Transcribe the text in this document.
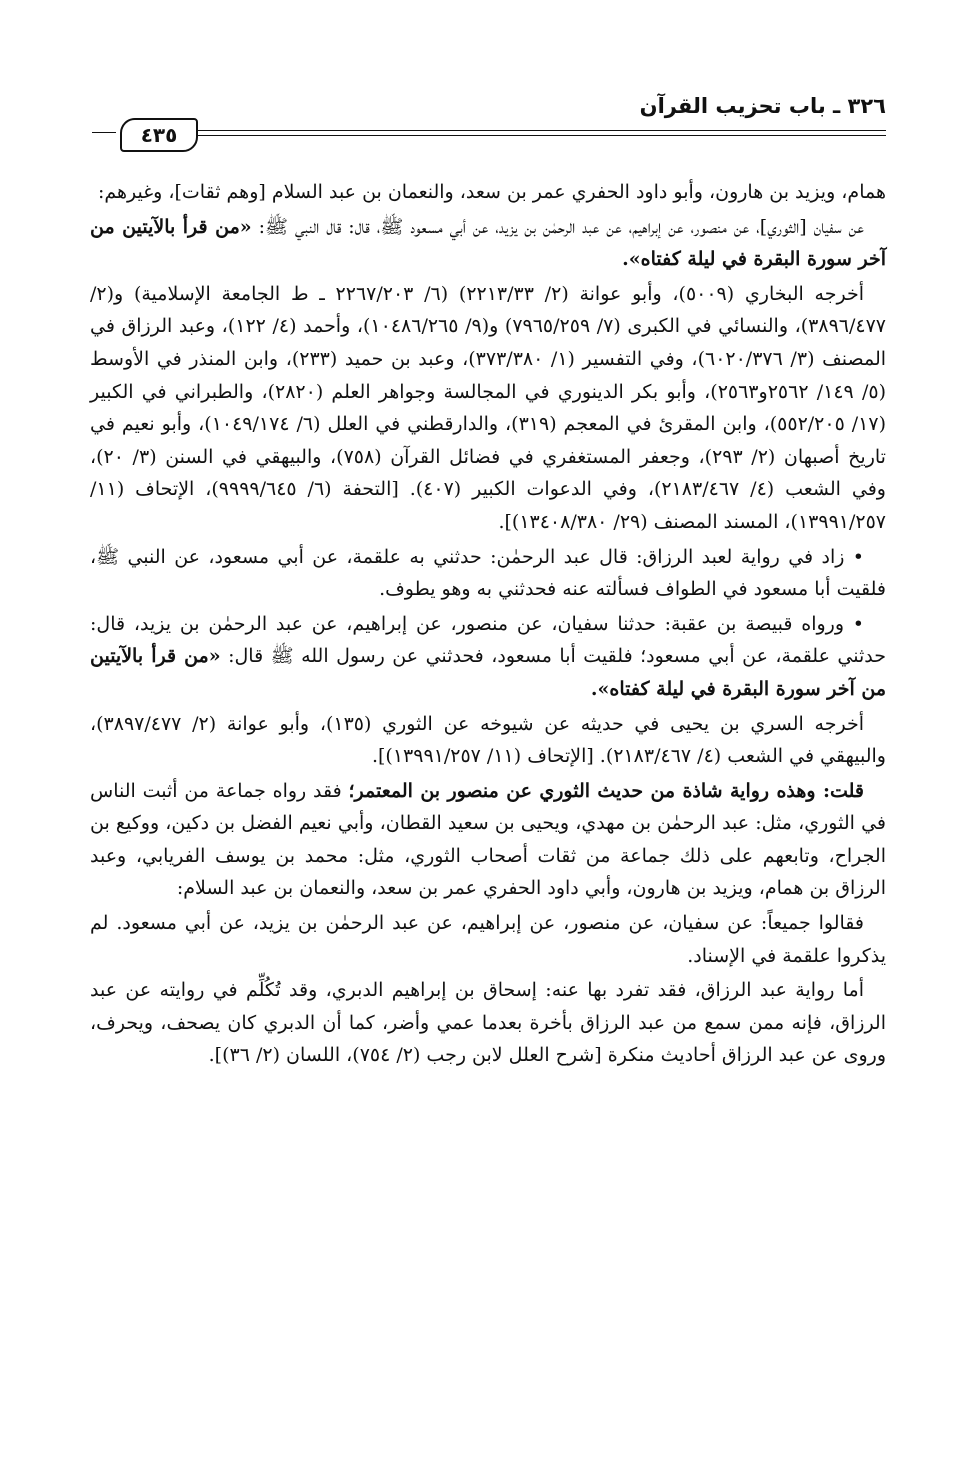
٣٢٦ ـ باب تحزيب القرآن
٤٣٥

همام، ويزيد بن هارون، وأبو داود الحفري عمر بن سعد، والنعمان بن عبد السلام [وهم ثقات]، وغيرهم:

عن سفيان [الثوري]، عن منصور، عن إبراهيم، عن عبد الرحمٰن بن يزيد، عن أبي مسعود ﷺ، قال: قال النبي ﷺ: «من قرأ بالآيتين من آخر سورة البقرة في ليلة كفتاه».

أخرجه البخاري (٥٠٠٩)، وأبو عوانة (٢/ ٢٢١٣/٣٣) (٦/ ٢٢٦٧/٢٠٣ ـ ط الجامعة الإسلامية) و(٢/ ٣٨٩٦/٤٧٧)، والنسائي في الكبرى (٧/ ٧٩٦٥/٢٥٩) و(٩/ ١٠٤٨٦/٢٦٥)، وأحمد (٤/ ١٢٢)، وعبد الرزاق في المصنف (٣/ ٦٠٢٠/٣٧٦)، وفي التفسير (١/ ٣٧٣/٣٨٠)، وعبد بن حميد (٢٣٣)، وابن المنذر في الأوسط (٥/ ١٤٩/ ٢٥٦٢و٢٥٦٣)، وأبو بكر الدينوري في المجالسة وجواهر العلم (٢٨٢٠)، والطبراني في الكبير (١٧/ ٥٥٢/٢٠٥)، وابن المقرئ في المعجم (٣١٩)، والدارقطني في العلل (٦/ ١٠٤٩/١٧٤)، وأبو نعيم في تاريخ أصبهان (٢/ ٢٩٣)، وجعفر المستغفري في فضائل القرآن (٧٥٨)، والبيهقي في السنن (٣/ ٢٠)، وفي الشعب (٤/ ٢١٨٣/٤٦٧)، وفي الدعوات الكبير (٤٠٧). [التحفة (٦/ ٩٩٩٩/٦٤٥)، الإتحاف (١١/ ١٣٩٩١/٢٥٧)، المسند المصنف (٢٩/ ١٣٤٠٨/٣٨٠)].

• زاد في رواية لعبد الرزاق: قال عبد الرحمٰن: حدثني به علقمة، عن أبي مسعود، عن النبي ﷺ، فلقيت أبا مسعود في الطواف فسألته عنه فحدثني به وهو يطوف.

• ورواه قبيصة بن عقبة: حدثنا سفيان، عن منصور، عن إبراهيم، عن عبد الرحمٰن بن يزيد، قال: حدثني علقمة، عن أبي مسعود؛ فلقيت أبا مسعود، فحدثني عن رسول الله ﷺ قال: «من قرأ بالآيتين من آخر سورة البقرة في ليلة كفتاه».

أخرجه السري بن يحيى في حديثه عن شيوخه عن الثوري (١٣٥)، وأبو عوانة (٢/ ٣٨٩٧/٤٧٧)، والبيهقي في الشعب (٤/ ٢١٨٣/٤٦٧). [الإتحاف (١١/ ١٣٩٩١/٢٥٧)].

قلت: وهذه رواية شاذة من حديث الثوري عن منصور بن المعتمر؛ فقد رواه جماعة من أثبت الناس في الثوري، مثل: عبد الرحمٰن بن مهدي، ويحيى بن سعيد القطان، وأبي نعيم الفضل بن دكين، ووكيع بن الجراح، وتابعهم على ذلك جماعة من ثقات أصحاب الثوري، مثل: محمد بن يوسف الفريابي، وعبد الرزاق بن همام، ويزيد بن هارون، وأبي داود الحفري عمر بن سعد، والنعمان بن عبد السلام:

فقالوا جميعاً: عن سفيان، عن منصور، عن إبراهيم، عن عبد الرحمٰن بن يزيد، عن أبي مسعود. لم يذكروا علقمة في الإسناد.

أما رواية عبد الرزاق، فقد تفرد بها عنه: إسحاق بن إبراهيم الدبري، وقد تُكُلِّم في روايته عن عبد الرزاق، فإنه ممن سمع من عبد الرزاق بأخرة بعدما عمي وأضر، كما أن الدبري كان يصحف، ويحرف، وروى عن عبد الرزاق أحاديث منكرة [شرح العلل لابن رجب (٢/ ٧٥٤)، اللسان (٢/ ٣٦)].
